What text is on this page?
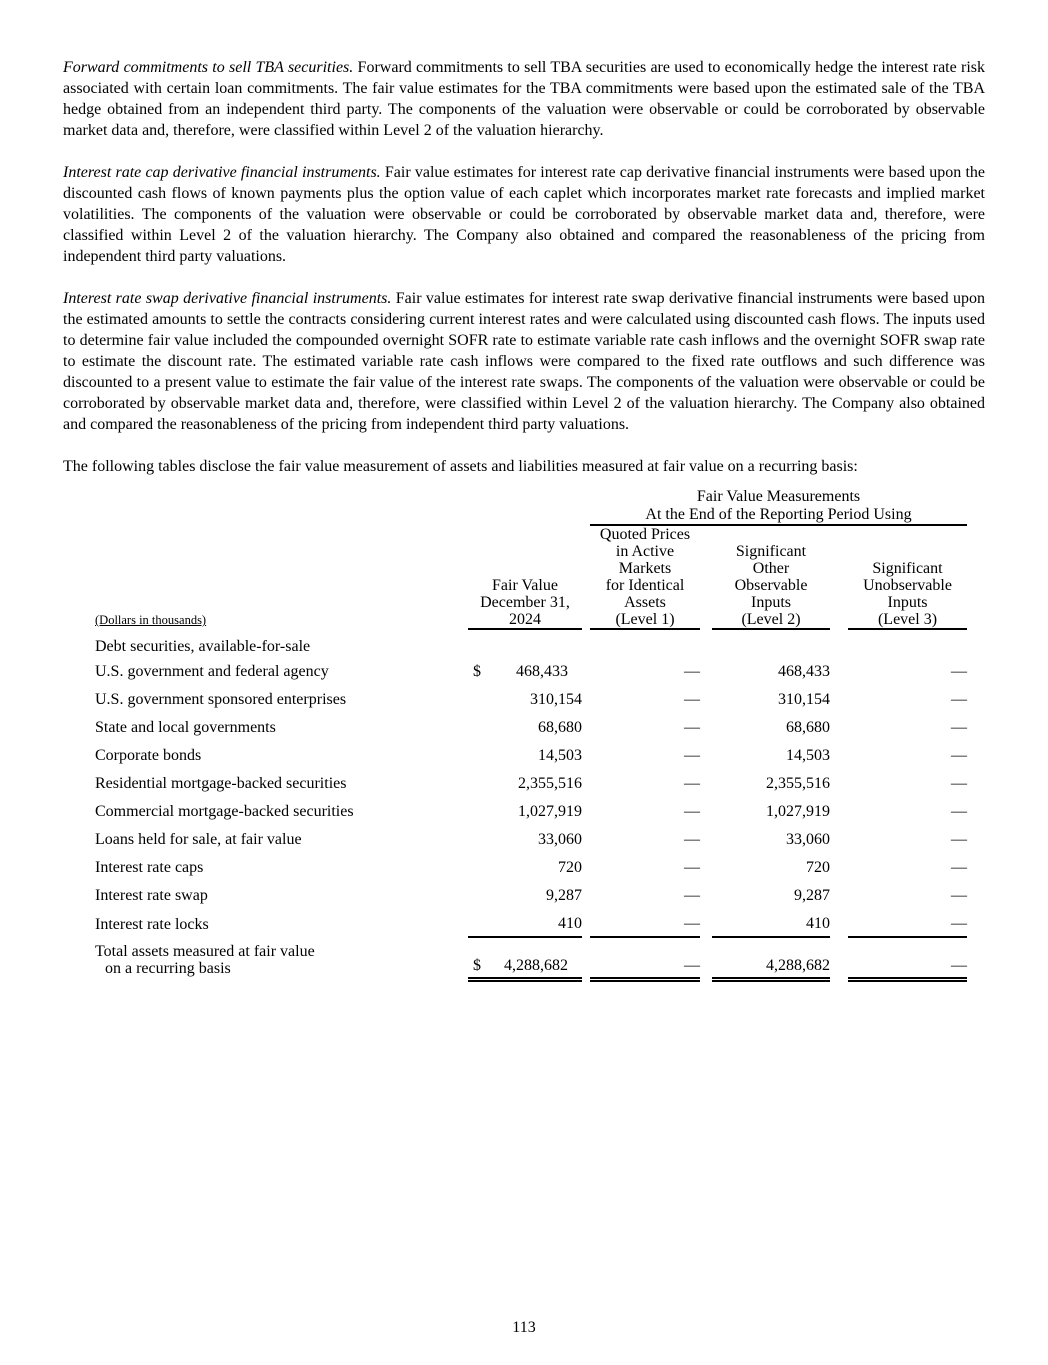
Forward commitments to sell TBA securities. Forward commitments to sell TBA securities are used to economically hedge the interest rate risk associated with certain loan commitments. The fair value estimates for the TBA commitments were based upon the estimated sale of the TBA hedge obtained from an independent third party. The components of the valuation were observable or could be corroborated by observable market data and, therefore, were classified within Level 2 of the valuation hierarchy.

Interest rate cap derivative financial instruments. Fair value estimates for interest rate cap derivative financial instruments were based upon the discounted cash flows of known payments plus the option value of each caplet which incorporates market rate forecasts and implied market volatilities. The components of the valuation were observable or could be corroborated by observable market data and, therefore, were classified within Level 2 of the valuation hierarchy. The Company also obtained and compared the reasonableness of the pricing from independent third party valuations.

Interest rate swap derivative financial instruments. Fair value estimates for interest rate swap derivative financial instruments were based upon the estimated amounts to settle the contracts considering current interest rates and were calculated using discounted cash flows. The inputs used to determine fair value included the compounded overnight SOFR rate to estimate variable rate cash inflows and the overnight SOFR swap rate to estimate the discount rate. The estimated variable rate cash inflows were compared to the fixed rate outflows and such difference was discounted to a present value to estimate the fair value of the interest rate swaps. The components of the valuation were observable or could be corroborated by observable market data and, therefore, were classified within Level 2 of the valuation hierarchy. The Company also obtained and compared the reasonableness of the pricing from independent third party valuations.

The following tables disclose the fair value measurement of assets and liabilities measured at fair value on a recurring basis:

			Fair Value Measurements
At the End of the Reporting Period Using				

(Dollars in thousands)	
Fair Value
December 31,
2024

Quoted Prices
in Active
Markets
for Identical
Assets
(Level 1)

Significant
Other
Observable
Inputs
(Level 2)

Significant
Unobservable
Inputs
(Level 3)

Debt securities, available-for-sale							
U.S. government and federal agency	$ 468,433		—		468,433		—
U.S. government sponsored enterprises	310,154		—		310,154		—
State and local governments	68,680		—		68,680		—
Corporate bonds	14,503		—		14,503		—
Residential mortgage-backed securities	2,355,516		—		2,355,516		—
Commercial mortgage-backed securities	1,027,919		—		1,027,919		—
Loans held for sale, at fair value	33,060		—		33,060		—
Interest rate caps	720		—		720		—
Interest rate swap	9,287		—		9,287		—
Interest rate locks	410		—		410		—

Total assets measured at fair value
on a recurring basis	$ 4,288,682		—		4,288,682		—
113
